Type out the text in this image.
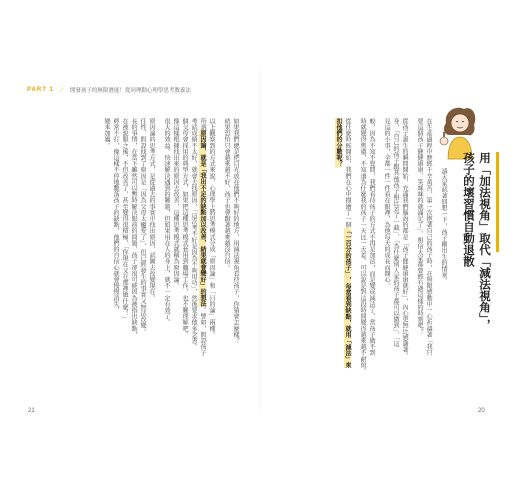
PART 1 ／ 開發孩子的無限潛能！從同理動心理學思考教養法
如果我們總是把目光放在他們不夠好的地方，用減法視角看待孩子，你猜會怎麼樣？
結果恐怕只會越來越不好，孩子也會跟著越來越沒自信。
以上觀察到的方式來說，心理學上將思考模式分成「原因論」和「目的論」兩種。
所謂原因論，就是「我出不足的缺點加以改善，結果就會變好」的想法。譬如，假設孩子
考試成績不太好，就會去找原因，「這次考不好是因為不夠用功」，然後要求他多念書。
個父母會採用的典型方式，如果把這種思考模式套用到職場工作，也不難理解吧。
像這樣根據找出來的原因去改善，這種思考模式就稱為原因論。
很大的效益。快速解決遇到的難題，但如果用在人的身上，就不一定有效了。
原因論的思考方式，是從過去的事實中找出原因，試圖去改變現在。
任性、假設找到了原因是「因為父母太寵愛了」，但已經發生的事實又無法改變。
長的事情，在當下雖然可以暫時解決眼前的問題，孩子卻很可能因為被指出缺點，
在被說服之後，不但改善了，甚至變得很積極，「你現在又在那裡做什麼！」
經常不打，像這樣不停地數落孩子的缺點，他們的自信心就會慢慢消失，
變本加厲。
21
用「加法視角」取代「減法視角」，
孩子的壞習慣自動退散
請大家試著回想一下，孩子剛出生的情景。
在生產過程中歷經千辛萬苦，第一次抱著自己的孩子時，在無限感動中一心祈禱著「我只
要這個孩子健健康康、笑咪咪的就滿足了」。相信大家都曾經有過這樣的時刻吧？
從孩子誕生的瞬間開始，充滿我們腦海的都是「孩子健健康康就好」，內心更無比感謝著。
身，「自己的孩子跟其他孩子相比差了一截」、「為什麼別人家的孩子都可以做到」、「這
見這的小事，全都一件一件看在眼裡，為他每天的成長而開心。
較，因為不知不覺間，我們看待孩子的方式不再是加法，而是變成減法了。當孩子做不到
時就變得焦慮，不知道為什麼我的孩子一天比一天差。可以說是對這段時間變得越來越不耐煩。
從什麼時候開始，我們在心中描繪了一個「一百分的孩子」，每當看到缺點，就用「減法」來
扣他們的分數呢？
20
